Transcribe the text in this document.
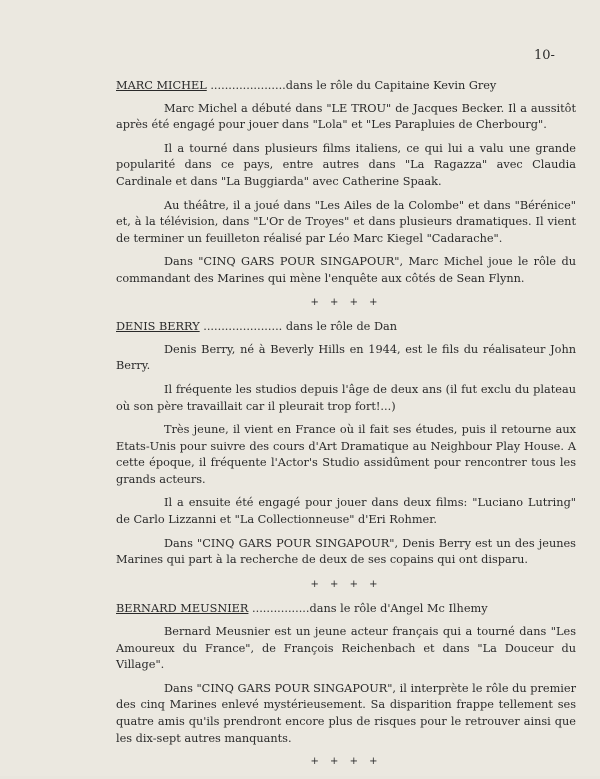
10-
MARC MICHEL .....................dans le rôle du Capitaine Kevin Grey

Marc Michel a débuté dans "LE TROU" de Jacques Becker. Il a aussitôt après été engagé pour jouer dans "Lola" et "Les Parapluies de Cherbourg".

Il a tourné dans plusieurs films italiens, ce qui lui a valu une grande popularité dans ce pays, entre autres dans "La Ragazza" avec Claudia Cardinale et dans "La Buggiarda" avec Catherine Spaak.

Au théâtre, il a joué dans "Les Ailes de la Colombe" et dans "Bérénice" et, à la télévision, dans "L'Or de Troyes" et dans plusieurs dramatiques. Il vient de terminer un feuilleton réalisé par Léo Marc Kiegel "Cadarache".

Dans "CINQ GARS POUR SINGAPOUR", Marc Michel joue le rôle du commandant des Marines qui mène l'enquête aux côtés de Sean Flynn.

+ + + +
DENIS BERRY ...................... dans le rôle de Dan

Denis Berry, né à Beverly Hills en 1944, est le fils du réalisateur John Berry.

Il fréquente les studios depuis l'âge de deux ans (il fut exclu du plateau où son père travaillait car il pleurait trop fort!...)

Très jeune, il vient en France où il fait ses études, puis il retourne aux Etats-Unis pour suivre des cours d'Art Dramatique au Neighbour Play House. A cette époque, il fréquente l'Actor's Studio assidûment pour rencontrer tous les grands acteurs.

Il a ensuite été engagé pour jouer dans deux films: "Luciano Lutring" de Carlo Lizzanni et "La Collectionneuse" d'Eri Rohmer.

Dans "CINQ GARS POUR SINGAPOUR", Denis Berry est un des jeunes Marines qui part à la recherche de deux de ses copains qui ont disparu.

+ + + +
BERNARD MEUSNIER ................dans le rôle d'Angel Mc Ilhemy

Bernard Meusnier est un jeune acteur français qui a tourné dans "Les Amoureux du France", de François Reichenbach et dans "La Douceur du Village".

Dans "CINQ GARS POUR SINGAPOUR", il interprète le rôle du premier des cinq Marines enlevé mystérieusement. Sa disparition frappe tellement ses quatre amis qu'ils prendront encore plus de risques pour le retrouver ainsi que les dix-sept autres manquants.

+ + + +
